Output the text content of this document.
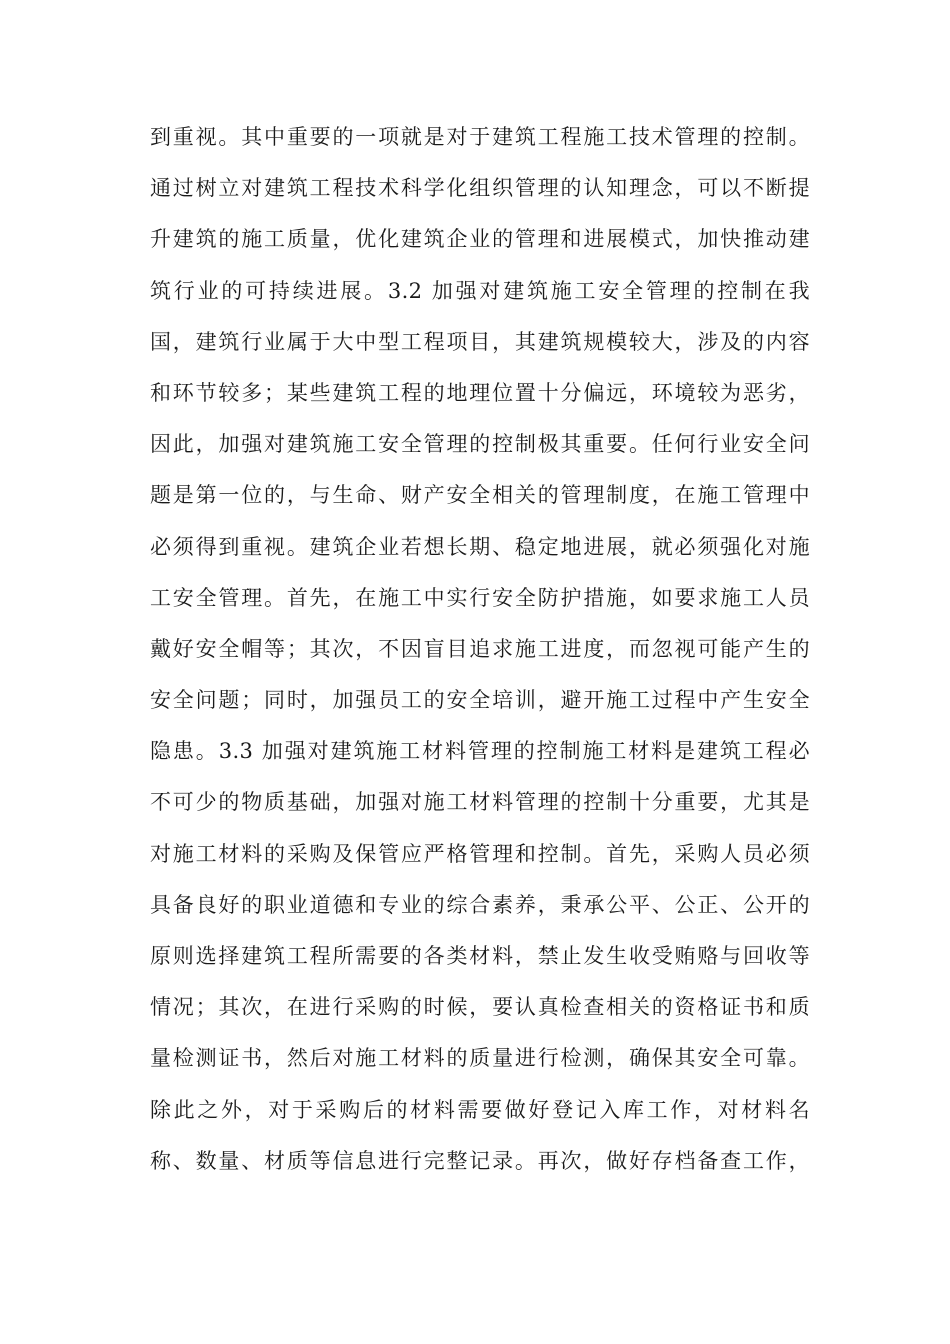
到重视。其中重要的一项就是对于建筑工程施工技术管理的控制。
通过树立对建筑工程技术科学化组织管理的认知理念，可以不断提
升建筑的施工质量，优化建筑企业的管理和进展模式，加快推动建
筑行业的可持续进展。3.2 加强对建筑施工安全管理的控制在我
国，建筑行业属于大中型工程项目，其建筑规模较大，涉及的内容
和环节较多；某些建筑工程的地理位置十分偏远，环境较为恶劣，
因此，加强对建筑施工安全管理的控制极其重要。任何行业安全问
题是第一位的，与生命、财产安全相关的管理制度，在施工管理中
必须得到重视。建筑企业若想长期、稳定地进展，就必须强化对施
工安全管理。首先，在施工中实行安全防护措施，如要求施工人员
戴好安全帽等；其次，不因盲目追求施工进度，而忽视可能产生的
安全问题；同时，加强员工的安全培训，避开施工过程中产生安全
隐患。3.3 加强对建筑施工材料管理的控制施工材料是建筑工程必
不可少的物质基础，加强对施工材料管理的控制十分重要，尤其是
对施工材料的采购及保管应严格管理和控制。首先，采购人员必须
具备良好的职业道德和专业的综合素养，秉承公平、公正、公开的
原则选择建筑工程所需要的各类材料，禁止发生收受贿赂与回收等
情况；其次，在进行采购的时候，要认真检查相关的资格证书和质
量检测证书，然后对施工材料的质量进行检测，确保其安全可靠。
除此之外，对于采购后的材料需要做好登记入库工作，对材料名
称、数量、材质等信息进行完整记录。再次，做好存档备查工作，
